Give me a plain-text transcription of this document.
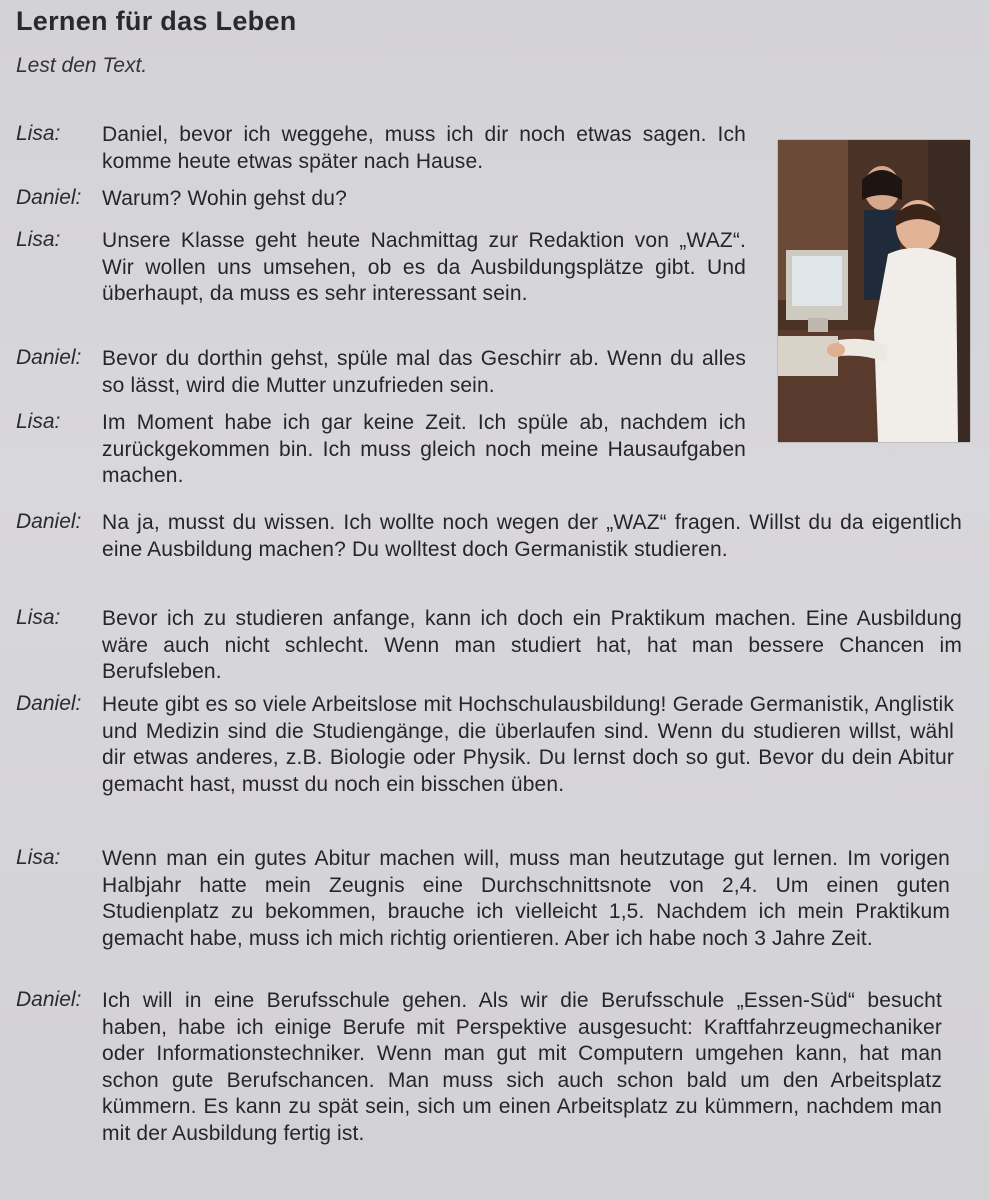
Lernen für das Leben
Lest den Text.
Lisa: Daniel, bevor ich weggehe, muss ich dir noch etwas sagen. Ich komme heute etwas später nach Hause.
Daniel: Warum? Wohin gehst du?
Lisa: Unsere Klasse geht heute Nachmittag zur Redaktion von „WAZ“. Wir wollen uns umsehen, ob es da Ausbildungsplätze gibt. Und überhaupt, da muss es sehr interessant sein.
Daniel: Bevor du dorthin gehst, spüle mal das Geschirr ab. Wenn du alles so lässt, wird die Mutter unzufrieden sein.
Lisa: Im Moment habe ich gar keine Zeit. Ich spüle ab, nachdem ich zurückgekommen bin. Ich muss gleich noch meine Hausaufgaben machen.
Daniel: Na ja, musst du wissen. Ich wollte noch wegen der „WAZ“ fragen. Willst du da eigentlich eine Ausbildung machen? Du wolltest doch Germanistik studieren.
Lisa: Bevor ich zu studieren anfange, kann ich doch ein Praktikum machen. Eine Ausbildung wäre auch nicht schlecht. Wenn man studiert hat, hat man bessere Chancen im Berufsleben.
Daniel: Heute gibt es so viele Arbeitslose mit Hochschulausbildung! Gerade Germanistik, Anglistik und Medizin sind die Studiengänge, die überlaufen sind. Wenn du studieren willst, wähl dir etwas anderes, z.B. Biologie oder Physik. Du lernst doch so gut. Bevor du dein Abitur gemacht hast, musst du noch ein bisschen üben.
Lisa: Wenn man ein gutes Abitur machen will, muss man heutzutage gut lernen. Im vorigen Halbjahr hatte mein Zeugnis eine Durchschnittsnote von 2,4. Um einen guten Studienplatz zu bekommen, brauche ich vielleicht 1,5. Nachdem ich mein Praktikum gemacht habe, muss ich mich richtig orientieren. Aber ich habe noch 3 Jahre Zeit.
Daniel: Ich will in eine Berufsschule gehen. Als wir die Berufsschule „Essen-Süd“ besucht haben, habe ich einige Berufe mit Perspektive ausgesucht: Kraftfahrzeugmechaniker oder Informationstechniker. Wenn man gut mit Computern umgehen kann, hat man schon gute Berufschancen. Man muss sich auch schon bald um den Arbeitsplatz kümmern. Es kann zu spät sein, sich um einen Arbeitsplatz zu kümmern, nachdem man mit der Ausbildung fertig ist.
